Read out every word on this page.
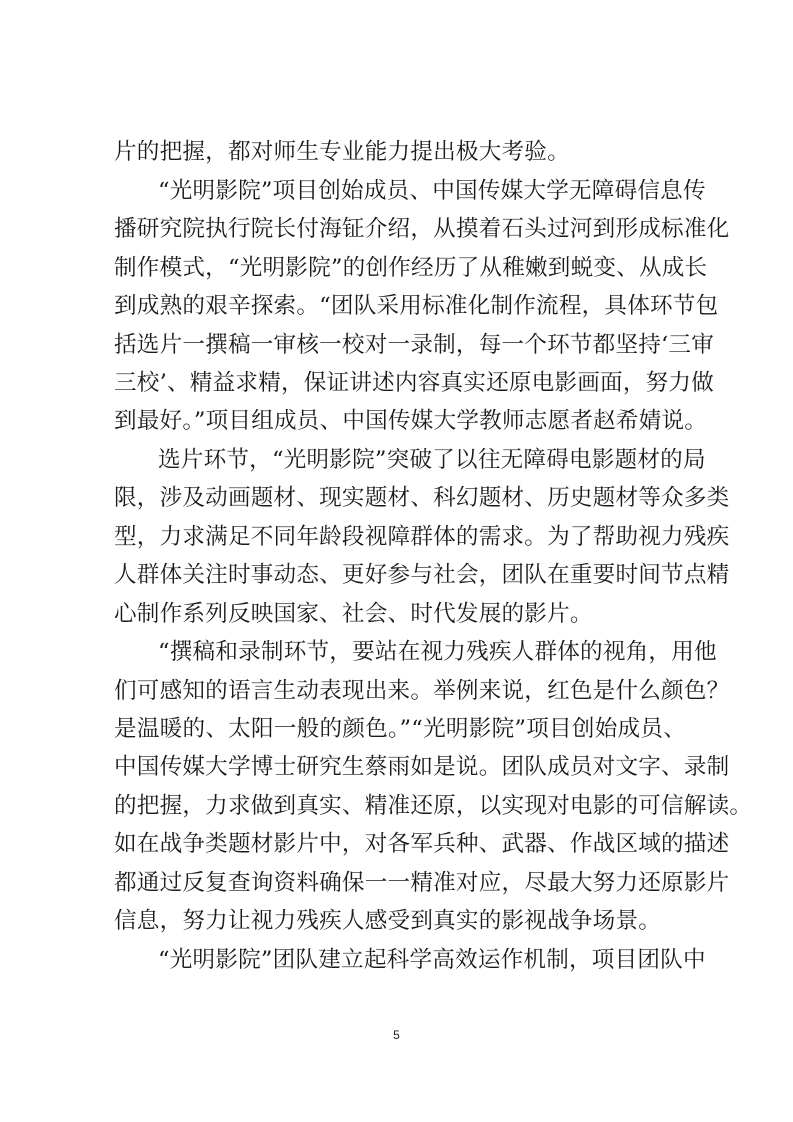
片的把握，都对师生专业能力提出极大考验。

“光明影院”项目创始成员、中国传媒大学无障碍信息传

播研究院执行院长付海钲介绍，从摸着石头过河到形成标准化

制作模式，“光明影院”的创作经历了从稚嫩到蜕变、从成长

到成熟的艰辛探索。“团队采用标准化制作流程，具体环节包

括选片一撰稿一审核一校对一录制，每一个环节都坚持‘三审

三校’、精益求精，保证讲述内容真实还原电影画面，努力做

到最好。”项目组成员、中国传媒大学教师志愿者赵希婧说。

选片环节，“光明影院”突破了以往无障碍电影题材的局

限，涉及动画题材、现实题材、科幻题材、历史题材等众多类

型，力求满足不同年龄段视障群体的需求。为了帮助视力残疾

人群体关注时事动态、更好参与社会，团队在重要时间节点精

心制作系列反映国家、社会、时代发展的影片。

“撰稿和录制环节，要站在视力残疾人群体的视角，用他

们可感知的语言生动表现出来。举例来说，红色是什么颜色？

是温暖的、太阳一般的颜色。”“光明影院”项目创始成员、

中国传媒大学博士研究生蔡雨如是说。团队成员对文字、录制

的把握，力求做到真实、精准还原，以实现对电影的可信解读。

如在战争类题材影片中，对各军兵种、武器、作战区域的描述

都通过反复查询资料确保一一精准对应，尽最大努力还原影片

信息，努力让视力残疾人感受到真实的影视战争场景。

“光明影院”团队建立起科学高效运作机制，项目团队中

5
